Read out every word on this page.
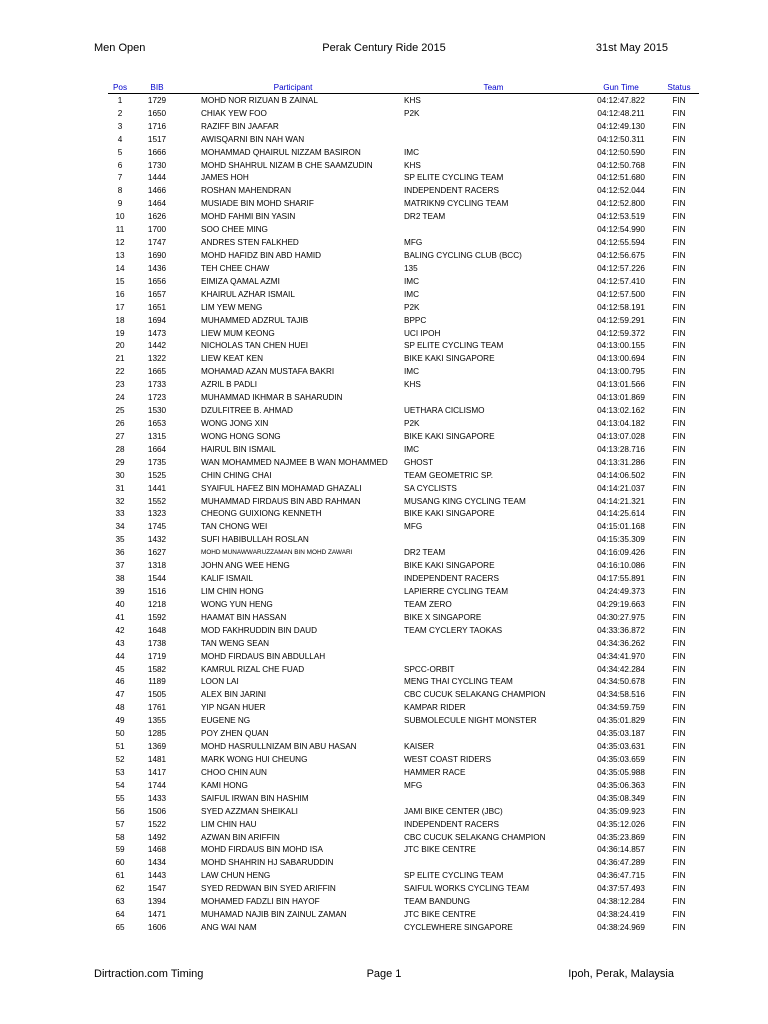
Men Open	Perak Century Ride 2015	31st May 2015
Pos	BIB	Participant	Team	Gun Time	Status
1	1729	MOHD NOR RIZUAN B ZAINAL	KHS	04:12:47.822	FIN
2	1650	CHIAK YEW FOO	P2K	04:12:48.211	FIN
3	1716	RAZIFF BIN JAAFAR		04:12:49.130	FIN
4	1517	AWISQARNI BIN NAH WAN		04:12:50.311	FIN
5	1666	MOHAMMAD QHAIRUL NIZZAM BASIRON	IMC	04:12:50.590	FIN
6	1730	MOHD SHAHRUL NIZAM B CHE SAAMZUDIN	KHS	04:12:50.768	FIN
7	1444	JAMES HOH	SP ELITE CYCLING TEAM	04:12:51.680	FIN
8	1466	ROSHAN MAHENDRAN	INDEPENDENT RACERS	04:12:52.044	FIN
9	1464	MUSIADE BIN MOHD SHARIF	MATRIKN9 CYCLING TEAM	04:12:52.800	FIN
10	1626	MOHD FAHMI BIN YASIN	DR2 TEAM	04:12:53.519	FIN
11	1700	SOO CHEE MING		04:12:54.990	FIN
12	1747	ANDRES STEN FALKHED	MFG	04:12:55.594	FIN
13	1690	MOHD HAFIDZ BIN ABD HAMID	BALING CYCLING CLUB (BCC)	04:12:56.675	FIN
14	1436	TEH CHEE CHAW	135	04:12:57.226	FIN
15	1656	EIMIZA QAMAL AZMI	IMC	04:12:57.410	FIN
16	1657	KHAIRUL AZHAR ISMAIL	IMC	04:12:57.500	FIN
17	1651	LIM YEW MENG	P2K	04:12:58.191	FIN
18	1694	MUHAMMED ADZRUL TAJIB	BPPC	04:12:59.291	FIN
19	1473	LIEW MUM KEONG	UCI IPOH	04:12:59.372	FIN
20	1442	NICHOLAS TAN CHEN HUEI	SP ELITE CYCLING TEAM	04:13:00.155	FIN
21	1322	LIEW KEAT KEN	BIKE KAKI SINGAPORE	04:13:00.694	FIN
22	1665	MOHAMAD AZAN MUSTAFA BAKRI	IMC	04:13:00.795	FIN
23	1733	AZRIL B PADLI	KHS	04:13:01.566	FIN
24	1723	MUHAMMAD IKHMAR B SAHARUDIN		04:13:01.869	FIN
25	1530	DZULFITREE B. AHMAD	UETHARA CICLISMO	04:13:02.162	FIN
26	1653	WONG JONG XIN	P2K	04:13:04.182	FIN
27	1315	WONG HONG SONG	BIKE KAKI SINGAPORE	04:13:07.028	FIN
28	1664	HAIRUL BIN ISMAIL	IMC	04:13:28.716	FIN
29	1735	WAN MOHAMMED NAJMEE B WAN MOHAMMED	GHOST	04:13:31.286	FIN
30	1525	CHIN CHING CHAI	TEAM GEOMETRIC SP.	04:14:06.502	FIN
31	1441	SYAIFUL HAFEZ BIN MOHAMAD GHAZALI	SA CYCLISTS	04:14:21.037	FIN
32	1552	MUHAMMAD FIRDAUS BIN ABD RAHMAN	MUSANG KING CYCLING TEAM	04:14:21.321	FIN
33	1323	CHEONG GUIXIONG KENNETH	BIKE KAKI SINGAPORE	04:14:25.614	FIN
34	1745	TAN CHONG WEI	MFG	04:15:01.168	FIN
35	1432	SUFI HABIBULLAH ROSLAN		04:15:35.309	FIN
36	1627	MOHD MUNAWWARUZZAMAN BIN MOHD ZAWARI	DR2 TEAM	04:16:09.426	FIN
37	1318	JOHN ANG WEE HENG	BIKE KAKI SINGAPORE	04:16:10.086	FIN
38	1544	KALIF ISMAIL	INDEPENDENT RACERS	04:17:55.891	FIN
39	1516	LIM CHIN HONG	LAPIERRE CYCLING TEAM	04:24:49.373	FIN
40	1218	WONG YUN HENG	TEAM ZERO	04:29:19.663	FIN
41	1592	HAAMAT BIN HASSAN	BIKE X SINGAPORE	04:30:27.975	FIN
42	1648	MOD FAKHRUDDIN BIN DAUD	TEAM CYCLERY TAOKAS	04:33:36.872	FIN
43	1738	TAN WENG SEAN		04:34:36.262	FIN
44	1719	MOHD FIRDAUS BIN ABDULLAH		04:34:41.970	FIN
45	1582	KAMRUL RIZAL CHE FUAD	SPCC-ORBIT	04:34:42.284	FIN
46	1189	LOON LAI	MENG THAI CYCLING TEAM	04:34:50.678	FIN
47	1505	ALEX BIN JARINI	CBC CUCUK SELAKANG CHAMPION	04:34:58.516	FIN
48	1761	YIP NGAN HUER	KAMPAR RIDER	04:34:59.759	FIN
49	1355	EUGENE NG	SUBMOLECULE NIGHT MONSTER	04:35:01.829	FIN
50	1285	POY ZHEN QUAN		04:35:03.187	FIN
51	1369	MOHD HASRULLNIZAM BIN ABU HASAN	KAISER	04:35:03.631	FIN
52	1481	MARK WONG HUI CHEUNG	WEST COAST RIDERS	04:35:03.659	FIN
53	1417	CHOO CHIN AUN	HAMMER RACE	04:35:05.988	FIN
54	1744	KAMI HONG	MFG	04:35:06.363	FIN
55	1433	SAIFUL IRWAN BIN HASHIM		04:35:08.349	FIN
56	1506	SYED AZZMAN SHEIKALI	JAMI BIKE CENTER (JBC)	04:35:09.923	FIN
57	1522	LIM CHIN HAU	INDEPENDENT RACERS	04:35:12.026	FIN
58	1492	AZWAN BIN ARIFFIN	CBC CUCUK SELAKANG CHAMPION	04:35:23.869	FIN
59	1468	MOHD FIRDAUS BIN MOHD ISA	JTC BIKE CENTRE	04:36:14.857	FIN
60	1434	MOHD SHAHRIN HJ SABARUDDIN		04:36:47.289	FIN
61	1443	LAW CHUN HENG	SP ELITE CYCLING TEAM	04:36:47.715	FIN
62	1547	SYED REDWAN BIN SYED ARIFFIN	SAIFUL WORKS CYCLING TEAM	04:37:57.493	FIN
63	1394	MOHAMED FADZLI BIN HAYOF	TEAM BANDUNG	04:38:12.284	FIN
64	1471	MUHAMAD NAJIB BIN ZAINUL ZAMAN	JTC BIKE CENTRE	04:38:24.419	FIN
65	1606	ANG WAI NAM	CYCLEWHERE SINGAPORE	04:38:24.969	FIN
Dirtraction.com Timing	Page 1	Ipoh, Perak, Malaysia
